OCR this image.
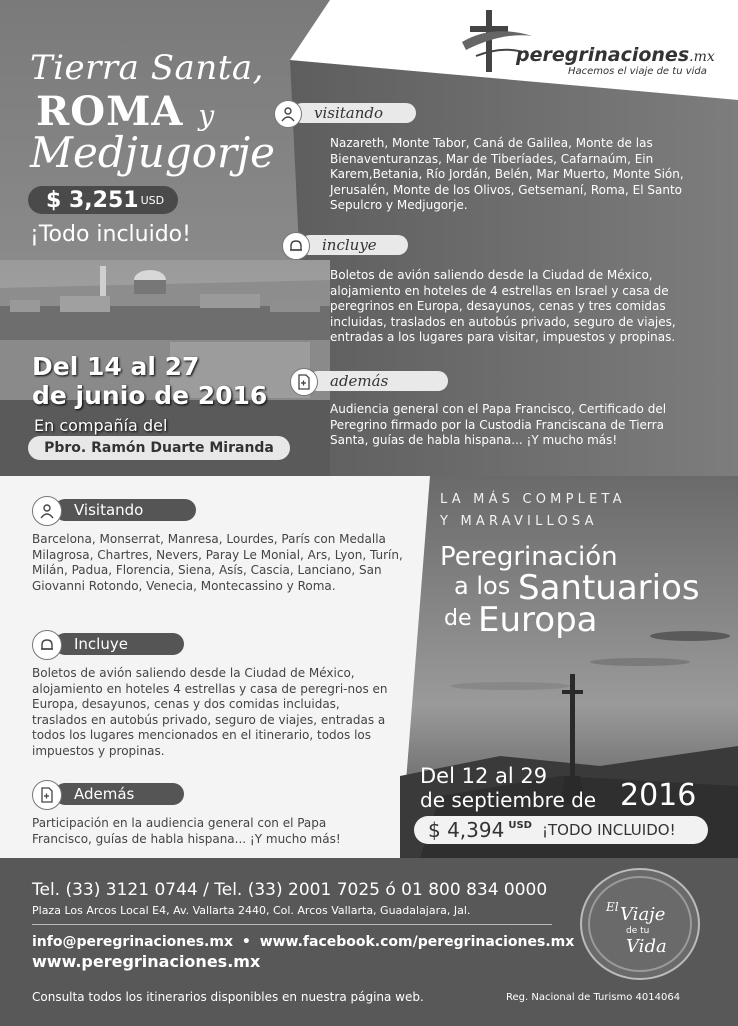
Tierra Santa,
ROMA y
Medjugorje
$ 3,251 USD
¡Todo incluido!
Del 14 al 27
de junio de 2016
En compañía del
Pbro. Ramón Duarte Miranda
peregrinaciones.mx
Hacemos el viaje de tu vida
visitando
Nazareth, Monte Tabor, Caná de Galilea, Monte de las Bienaventuranzas, Mar de Tiberíades, Cafarnaúm, Ein Karem,Betania, Río Jordán, Belén, Mar Muerto, Monte Sión, Jerusalén, Monte de los Olivos, Getsemaní, Roma, El Santo Sepulcro y Medjugorje.
incluye
Boletos de avión saliendo desde la Ciudad de México, alojamiento en hoteles de 4 estrellas en Israel y casa de peregrinos en Europa, desayunos, cenas y tres comidas incluidas, traslados en autobús privado, seguro de viajes, entradas a los lugares para visitar, impuestos y propinas.
además
Audiencia general con el Papa Francisco, Certificado del Peregrino firmado por la Custodia Franciscana de Tierra Santa, guías de habla hispana... ¡Y mucho más!
Visitando
Barcelona, Monserrat, Manresa, Lourdes, París con Medalla Milagrosa, Chartres, Nevers, Paray Le Monial, Ars, Lyon, Turín, Milán, Padua, Florencia, Siena, Asís, Cascia, Lanciano, San Giovanni Rotondo, Venecia, Montecassino y Roma.
Incluye
Boletos de avión saliendo desde la Ciudad de México, alojamiento en hoteles 4 estrellas y casa de peregri-nos en Europa, desayunos, cenas y dos comidas incluidas, traslados en autobús privado, seguro de viajes, entradas a todos los lugares mencionados en el itinerario, todos los impuestos y propinas.
Además
Participación en la audiencia general con el Papa Francisco, guías de habla hispana... ¡Y mucho más!
LA MÁS COMPLETA
Y MARAVILLOSA
Peregrinación
a los Santuarios
de Europa
Del 12 al 29
de septiembre de 2016
$ 4,394 USD ¡TODO INCLUIDO!
Tel. (33) 3121 0744 / Tel. (33) 2001 7025 ó 01 800 834 0000
Plaza Los Arcos Local E4, Av. Vallarta 2440, Col. Arcos Vallarta, Guadalajara, Jal.
info@peregrinaciones.mx • www.facebook.com/peregrinaciones.mx
www.peregrinaciones.mx
Consulta todos los itinerarios disponibles en nuestra página web.	Reg. Nacional de Turismo 4014064
El Viaje
de tu
Vida
